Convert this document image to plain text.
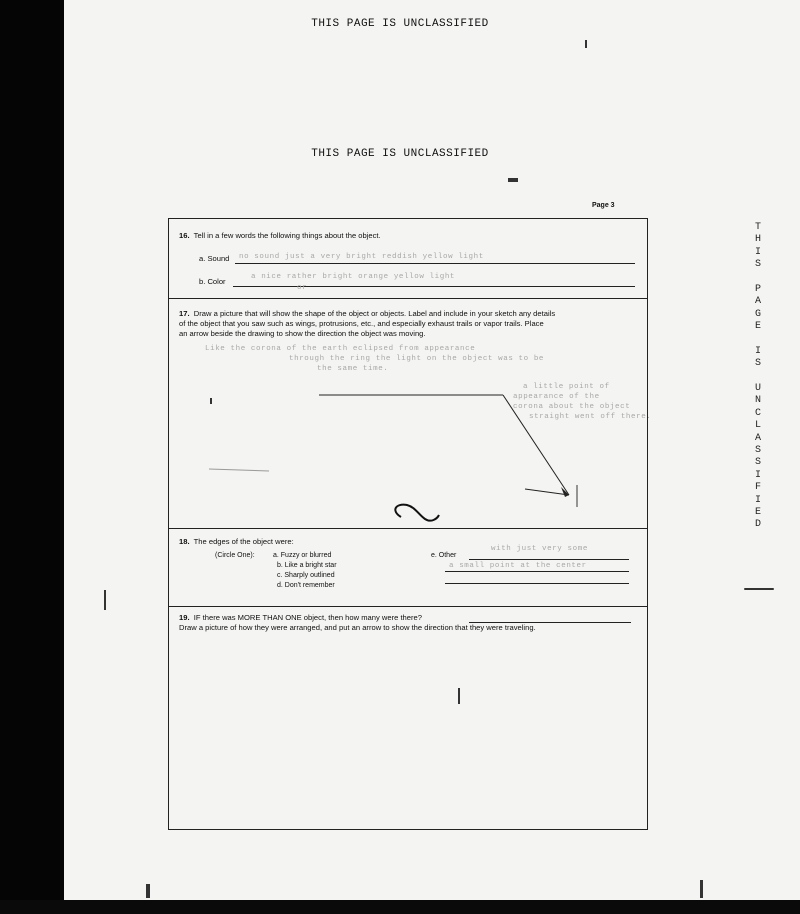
THIS PAGE IS UNCLASSIFIED
THIS PAGE IS UNCLASSIFIED
T
H
I
S
P
A
G
E
I
S
U
N
C
L
A
S
S
I
F
I
E
D
Page 3
16. Tell in a few words the following things about the object.
a. Sound no sound just a very bright reddish yellow light
b. Color	a nice rather bright orange yellow light
or
17. Draw a picture that will show the shape of the object or objects. Label and include in your sketch any details
of the object that you saw such as wings, protrusions, etc., and especially exhaust trails or vapor trails. Place
an arrow beside the drawing to show the direction the object was moving.
Like the corona of the earth eclipsed from appearance
through the ring the light on the object was to be
the same time.
a little point of
appearance of the
corona about the object
straight went off there.
18. The edges of the object were:
(Circle One):	a. Fuzzy or blurred
b. Like a bright star
c. Sharply outlined
d. Don't remember
e. Other
with just very some
a small point at the center
19. IF there was MORE THAN ONE object, then how many were there?
Draw a picture of how they were arranged, and put an arrow to show the direction that they were traveling.
